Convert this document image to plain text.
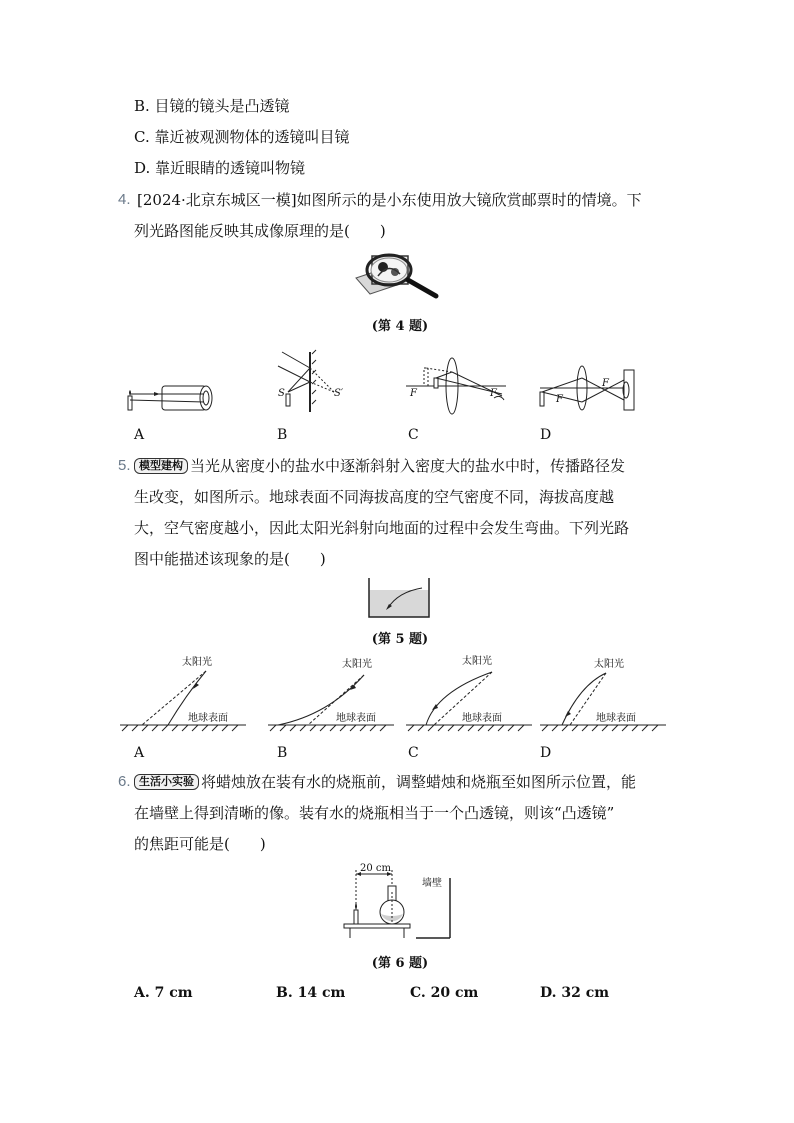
B. 目镜的镜头是凸透镜
C. 靠近被观测物体的透镜叫目镜
D. 靠近眼睛的透镜叫物镜
4. [2024·北京东城区一模]如图所示的是小东使用放大镜欣赏邮票时的情境。下
列光路图能反映其成像原理的是(　　)
(第 4 题)
S	S′	F	F
F
F
A	B	C	D
5. 模型建构 当光从密度小的盐水中逐渐斜射入密度大的盐水中时，传播路径发
生改变，如图所示。地球表面不同海拔高度的空气密度不同，海拔高度越
大，空气密度越小，因此太阳光斜射向地面的过程中会发生弯曲。下列光路
图中能描述该现象的是(　　)
(第 5 题)
太阳光
地球表面
太阳光
地球表面
太阳光
地球表面
太阳光
地球表面
A	B	C	D
6. 生活小实验 将蜡烛放在装有水的烧瓶前，调整蜡烛和烧瓶至如图所示位置，能
在墙壁上得到清晰的像。装有水的烧瓶相当于一个凸透镜，则该“凸透镜”
的焦距可能是(　　)
20 cm
墙壁
(第 6 题)
A. 7 cm	B. 14 cm	C. 20 cm	D. 32 cm
